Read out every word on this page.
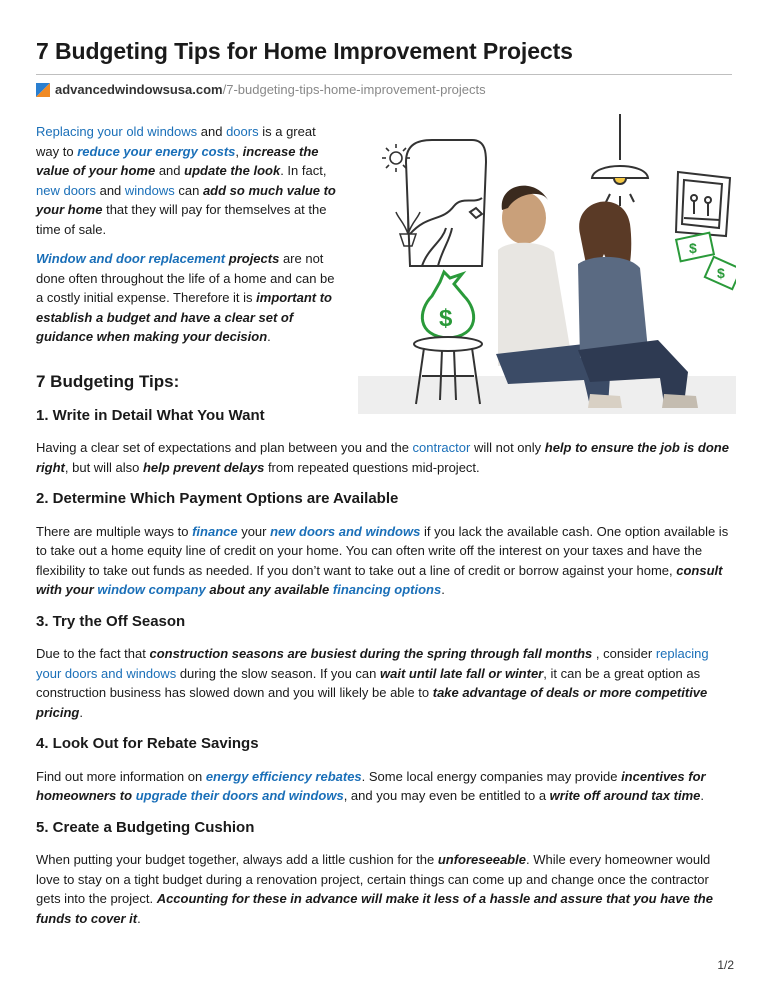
7 Budgeting Tips for Home Improvement Projects
advancedwindowsusa.com /7-budgeting-tips-home-improvement-projects

Replacing your old windows and doors is a great way to reduce your energy costs, increase the value of your home and update the look. In fact, new doors and windows can add so much value to your home that they will pay for themselves at the time of sale.

Window and door replacement projects are not done often throughout the life of a home and can be a costly initial expense. Therefore it is important to establish a budget and have a clear set of guidance when making your decision.

$
$
$
7 Budgeting Tips:
1. Write in Detail What You Want

Having a clear set of expectations and plan between you and the contractor will not only help to ensure the job is done right, but will also help prevent delays from repeated questions mid-project.

2. Determine Which Payment Options are Available

There are multiple ways to finance your new doors and windows if you lack the available cash. One option available is to take out a home equity line of credit on your home. You can often write off the interest on your taxes and have the flexibility to take out funds as needed. If you don’t want to take out a line of credit or borrow against your home, consult with your window company about any available financing options.

3. Try the Off Season

Due to the fact that construction seasons are busiest during the spring through fall months , consider replacing your doors and windows during the slow season. If you can wait until late fall or winter, it can be a great option as construction business has slowed down and you will likely be able to take advantage of deals or more competitive pricing.

4. Look Out for Rebate Savings

Find out more information on energy efficiency rebates. Some local energy companies may provide incentives for homeowners to upgrade their doors and windows, and you may even be entitled to a write off around tax time.

5. Create a Budgeting Cushion

When putting your budget together, always add a little cushion for the unforeseeable. While every homeowner would love to stay on a tight budget during a renovation project, certain things can come up and change once the contractor gets into the project. Accounting for these in advance will make it less of a hassle and assure that you have the funds to cover it.

1/2
